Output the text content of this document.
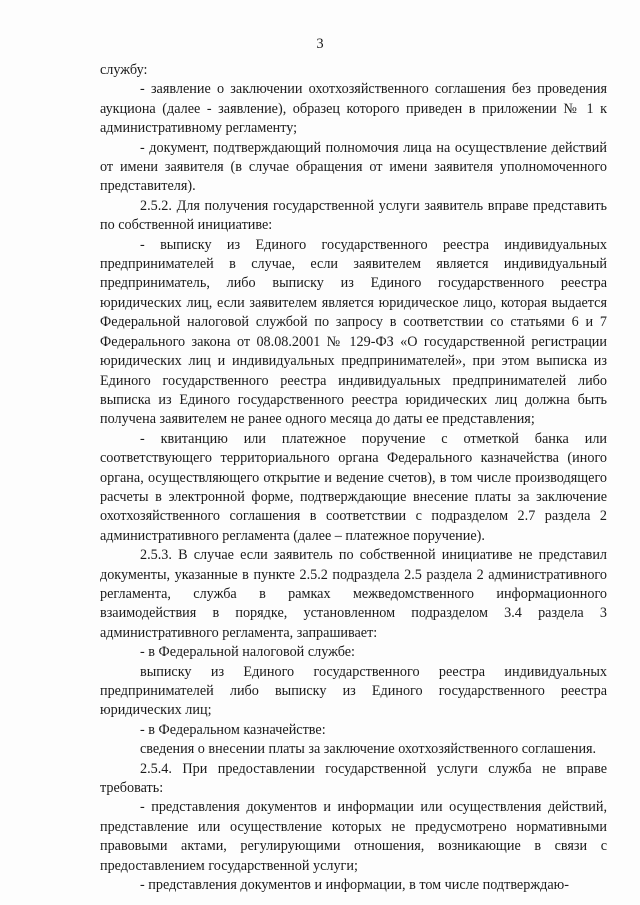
3

службу:

- заявление о заключении охотхозяйственного соглашения без проведения аукциона (далее - заявление), образец которого приведен в приложении № 1 к административному регламенту;

- документ, подтверждающий полномочия лица на осуществление действий от имени заявителя (в случае обращения от имени заявителя уполномоченного представителя).

2.5.2. Для получения государственной услуги заявитель вправе представить по собственной инициативе:

- выписку из Единого государственного реестра индивидуальных предпринимателей в случае, если заявителем является индивидуальный предприниматель, либо выписку из Единого государственного реестра юридических лиц, если заявителем является юридическое лицо, которая выдается Федеральной налоговой службой по запросу в соответствии со статьями 6 и 7 Федерального закона от 08.08.2001 № 129-ФЗ «О государственной регистрации юридических лиц и индивидуальных предпринимателей», при этом выписка из Единого государственного реестра индивидуальных предпринимателей либо выписка из Единого государственного реестра юридических лиц должна быть получена заявителем не ранее одного месяца до даты ее представления;

- квитанцию или платежное поручение с отметкой банка или соответствующего территориального органа Федерального казначейства (иного органа, осуществляющего открытие и ведение счетов), в том числе производящего расчеты в электронной форме, подтверждающие внесение платы за заключение охотхозяйственного соглашения в соответствии с подразделом 2.7 раздела 2 административного регламента (далее – платежное поручение).

2.5.3. В случае если заявитель по собственной инициативе не представил документы, указанные в пункте 2.5.2 подраздела 2.5 раздела 2 административного регламента, служба в рамках межведомственного информационного взаимодействия в порядке, установленном подразделом 3.4 раздела 3 административного регламента, запрашивает:

- в Федеральной налоговой службе:

выписку из Единого государственного реестра индивидуальных предпринимателей либо выписку из Единого государственного реестра юридических лиц;

- в Федеральном казначействе:

сведения о внесении платы за заключение охотхозяйственного соглашения.

2.5.4. При предоставлении государственной услуги служба не вправе требовать:

- представления документов и информации или осуществления действий, представление или осуществление которых не предусмотрено нормативными правовыми актами, регулирующими отношения, возникающие в связи с предоставлением государственной услуги;

- представления документов и информации, в том числе подтверждаю-
